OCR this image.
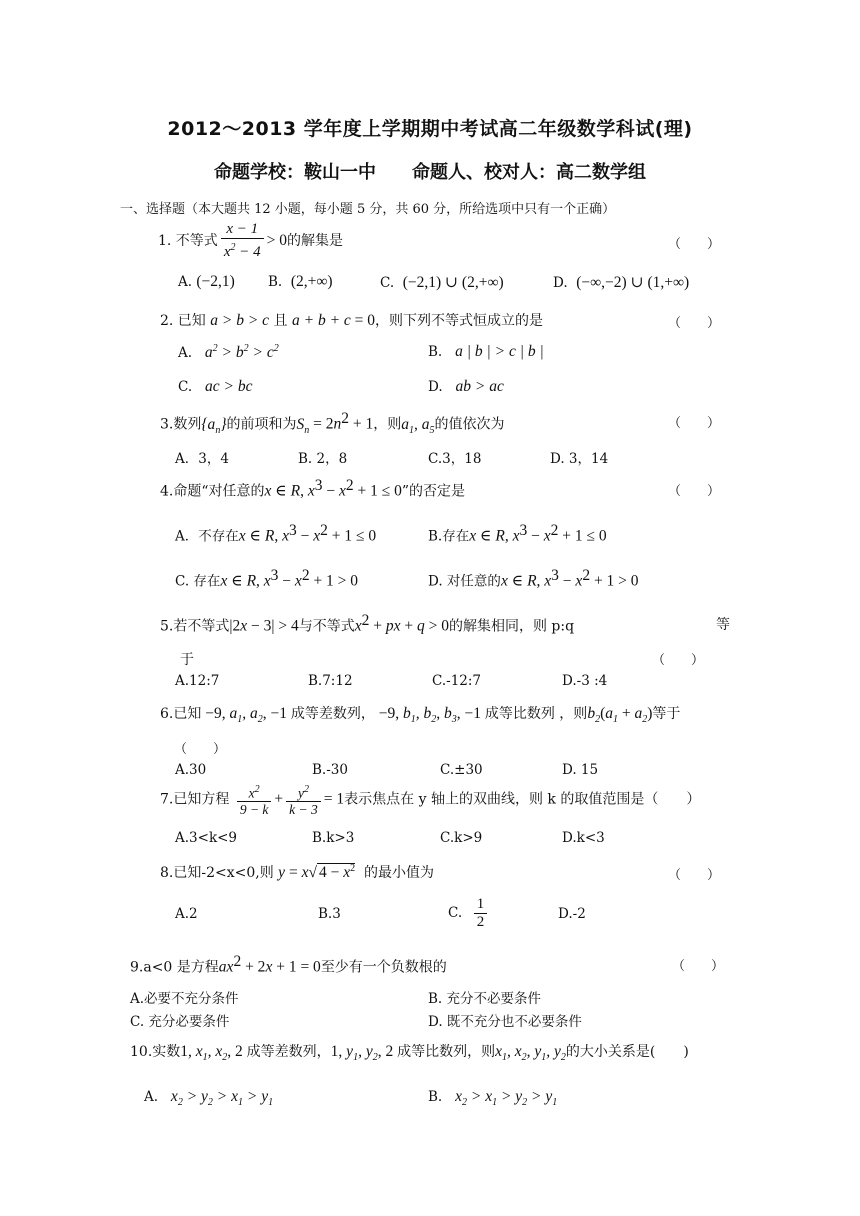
2012～2013 学年度上学期期中考试高二年级数学科试(理)
命题学校：鞍山一中 命题人、校对人：高二数学组
一、选择题（本大题共 12 小题，每小题 5 分，共 60 分，所给选项中只有一个正确）
1. 不等式 $\frac{x - 1}{x^2 - 4} > 0$的解集是	（　　）
A. (−2,1) B. (2,+∞)	C. (−2,1) ∪ (2,+∞)	D. (−∞,−2) ∪ (1,+∞)
2. 已知 a > b > c 且 a + b + c = 0，则下列不等式恒成立的是	（　　）
A. $a^2 > b^2 > c^2$	B. a | b | > c | b |
C. ac > bc	D. ab > ac
3.数列$\{a_n\}$的前项和为$S_n = 2n^2 + 1$，则$a_1$, $a_5$的值依次为	（　　）
A．3，4	B. 2，8	C.3，18	D. 3，14
4.命题“对任意的x ∈ R, $x^3 - x^2 + 1 \le 0$”的否定是	（　　）
A．不存在x ∈ R, $x^3 - x^2 + 1 \le 0$	B.存在x ∈ R, $x^3 - x^2 + 1 \le 0$
C. 存在x ∈ R, $x^3 - x^2 + 1 > 0$	D. 对任意的x ∈ R, $x^3 - x^2 + 1 > 0$
5.若不等式|2x − 3| > 4与不等式$x^2$ + px + q > 0的解集相同，则 p:q	等
于	（　　）
A.12:7	B.7:12	C.-12:7	D.-3 :4
6.已知 −9, $a_1$, $a_2$, −1 成等差数列， −9, $b_1$, $b_2$, $b_3$, −1 成等比数列 ，则$b_2(a_1 + a_2)$等于
（　　）
A.30	B.-30	C.±30	D. 15
7.已知方程 $\frac{x^2}{9 - k} + \frac{y^2}{k - 3} = 1$表示焦点在 y 轴上的双曲线，则 k 的取值范围是（　　）
A.3<k<9	B.k>3	C.k>9	D.k<3
8.已知-2<x<0,则 y = x√ $4 - x^2$ 的最小值为	（　　）
A.2	B.3	C. $\frac{1}{2}$	D.-2
9.a<0 是方程$ax^2 + 2x + 1 = 0$至少有一个负数根的	（　　）
A.必要不充分条件	B. 充分不必要条件
C. 充分必要条件	D. 既不充分也不必要条件
10.实数1, $x_1$, $x_2$, 2 成等差数列，1, $y_1$, $y_2$, 2 成等比数列，则$x_1$, $x_2$, $y_1$, $y_2$的大小关系是(　　)
A. $x_2 > y_2 > x_1 > y_1$	B. $x_2 > x_1 > y_2 > y_1$
